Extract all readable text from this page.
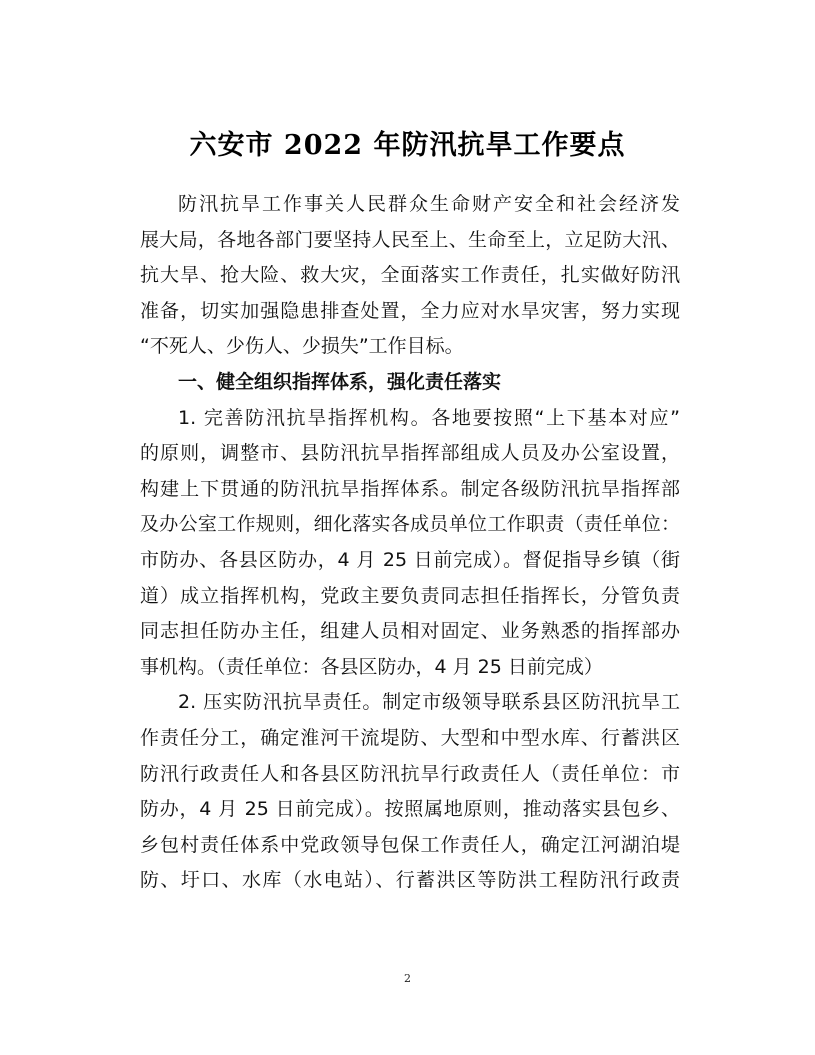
六安市 2022 年防汛抗旱工作要点
防汛抗旱工作事关人民群众生命财产安全和社会经济发
展大局，各地各部门要坚持人民至上、生命至上，立足防大汛、
抗大旱、抢大险、救大灾，全面落实工作责任，扎实做好防汛
准备，切实加强隐患排查处置，全力应对水旱灾害，努力实现
“不死人、少伤人、少损失”工作目标。
一、健全组织指挥体系，强化责任落实
1. 完善防汛抗旱指挥机构。各地要按照“上下基本对应”
的原则，调整市、县防汛抗旱指挥部组成人员及办公室设置，
构建上下贯通的防汛抗旱指挥体系。制定各级防汛抗旱指挥部
及办公室工作规则，细化落实各成员单位工作职责（责任单位：
市防办、各县区防办，4 月 25 日前完成）。督促指导乡镇（街
道）成立指挥机构，党政主要负责同志担任指挥长，分管负责
同志担任防办主任，组建人员相对固定、业务熟悉的指挥部办
事机构。（责任单位：各县区防办，4 月 25 日前完成）
2. 压实防汛抗旱责任。制定市级领导联系县区防汛抗旱工
作责任分工，确定淮河干流堤防、大型和中型水库、行蓄洪区
防汛行政责任人和各县区防汛抗旱行政责任人（责任单位：市
防办，4 月 25 日前完成）。按照属地原则，推动落实县包乡、
乡包村责任体系中党政领导包保工作责任人，确定江河湖泊堤
防、圩口、水库（水电站）、行蓄洪区等防洪工程防汛行政责
2
